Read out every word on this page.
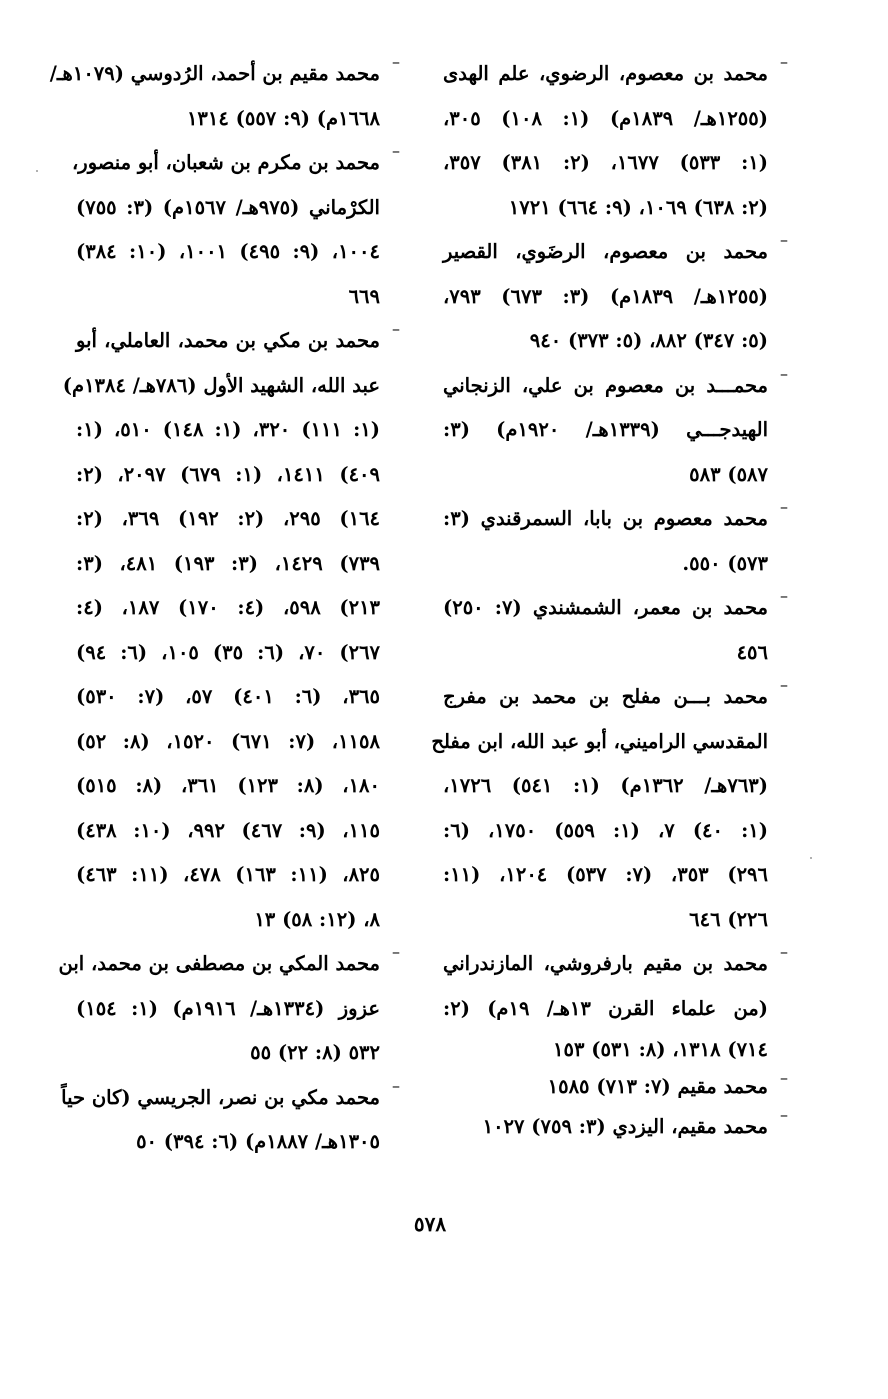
–
محمد بن معصوم، الرضوي، علم الهدى
(١٢٥٥هـ/ ١٨٣٩م) (١: ١٠٨) ٣٠٥،
(١: ٥٣٣) ١٦٧٧، (٢: ٣٨١) ٣٥٧،
(٢: ٦٣٨) ١٠٦٩، (٩: ٦٦٤) ١٧٢١
–
محمد بن معصوم، الرضَوي، القصير
(١٢٥٥هـ/ ١٨٣٩م) (٣: ٦٧٣) ٧٩٣،
(٥: ٣٤٧) ٨٨٢، (٥: ٣٧٣) ٩٤٠
–
محمـــد بن معصوم بن علي، الزنجاني
الهيدجـــي (١٣٣٩هـ/ ١٩٢٠م) (٣:
٥٨٧) ٥٨٣
–
محمد معصوم بن بابا، السمرقندي (٣:
٥٧٣) ٥٥٠.
–
محمد بن معمر، الشمشندي (٧: ٢٥٠)
٤٥٦
–
محمد بـــن مفلح بن محمد بن مفرج
المقدسي الراميني، أبو عبد الله، ابن مفلح
(٧٦٣هـ/ ١٣٦٢م) (١: ٥٤١) ١٧٢٦،
(١: ٤٠) ٧، (١: ٥٥٩) ١٧٥٠، (٦:
٢٩٦) ٣٥٣، (٧: ٥٣٧) ١٢٠٤، (١١:
٢٢٦) ٦٤٦
–
محمد بن مقيم بارفروشي، المازندراني
(من علماء القرن ١٣هـ/ ١٩م) (٢:
٧١٤) ١٣١٨، (٨: ٥٣١) ١٥٣
–
محمد مقيم (٧: ٧١٣) ١٥٨٥
–
محمد مقيم، اليزدي (٣: ٧٥٩) ١٠٢٧
–
محمد مقيم بن أحمد، الرُدوسي (١٠٧٩هـ/
١٦٦٨م) (٩: ٥٥٧) ١٣١٤
–
محمد بن مكرم بن شعبان، أبو منصور،
الكرْماني (٩٧٥هـ/ ١٥٦٧م) (٣: ٧٥٥)
١٠٠٤، (٩: ٤٩٥) ١٠٠١، (١٠: ٣٨٤)
٦٦٩
–
محمد بن مكي بن محمد، العاملي، أبو
عبد الله، الشهيد الأول (٧٨٦هـ/ ١٣٨٤م)
(١: ١١١) ٣٢٠، (١: ١٤٨) ٥١٠، (١:
٤٠٩) ١٤١١، (١: ٦٧٩) ٢٠٩٧، (٢:
١٦٤) ٢٩٥، (٢: ١٩٢) ٣٦٩، (٢:
٧٣٩) ١٤٢٩، (٣: ١٩٣) ٤٨١، (٣:
٢١٣) ٥٩٨، (٤: ١٧٠) ١٨٧، (٤:
٢٦٧) ٧٠، (٦: ٣٥) ١٠٥، (٦: ٩٤)
٣٦٥، (٦: ٤٠١) ٥٧، (٧: ٥٣٠)
١١٥٨، (٧: ٦٧١) ١٥٢٠، (٨: ٥٢)
١٨٠، (٨: ١٢٣) ٣٦١، (٨: ٥١٥)
١١٥، (٩: ٤٦٧) ٩٩٢، (١٠: ٤٣٨)
٨٢٥، (١١: ١٦٣) ٤٧٨، (١١: ٤٦٣)
٨، (١٢: ٥٨) ١٣
–
محمد المكي بن مصطفى بن محمد، ابن
عزوز (١٣٣٤هـ/ ١٩١٦م) (١: ١٥٤)
٥٣٢ (٨: ٢٢) ٥٥
–
محمد مكي بن نصر، الجريسي (كان حياً
١٣٠٥هـ/ ١٨٨٧م) (٦: ٣٩٤) ٥٠
٥٧٨
